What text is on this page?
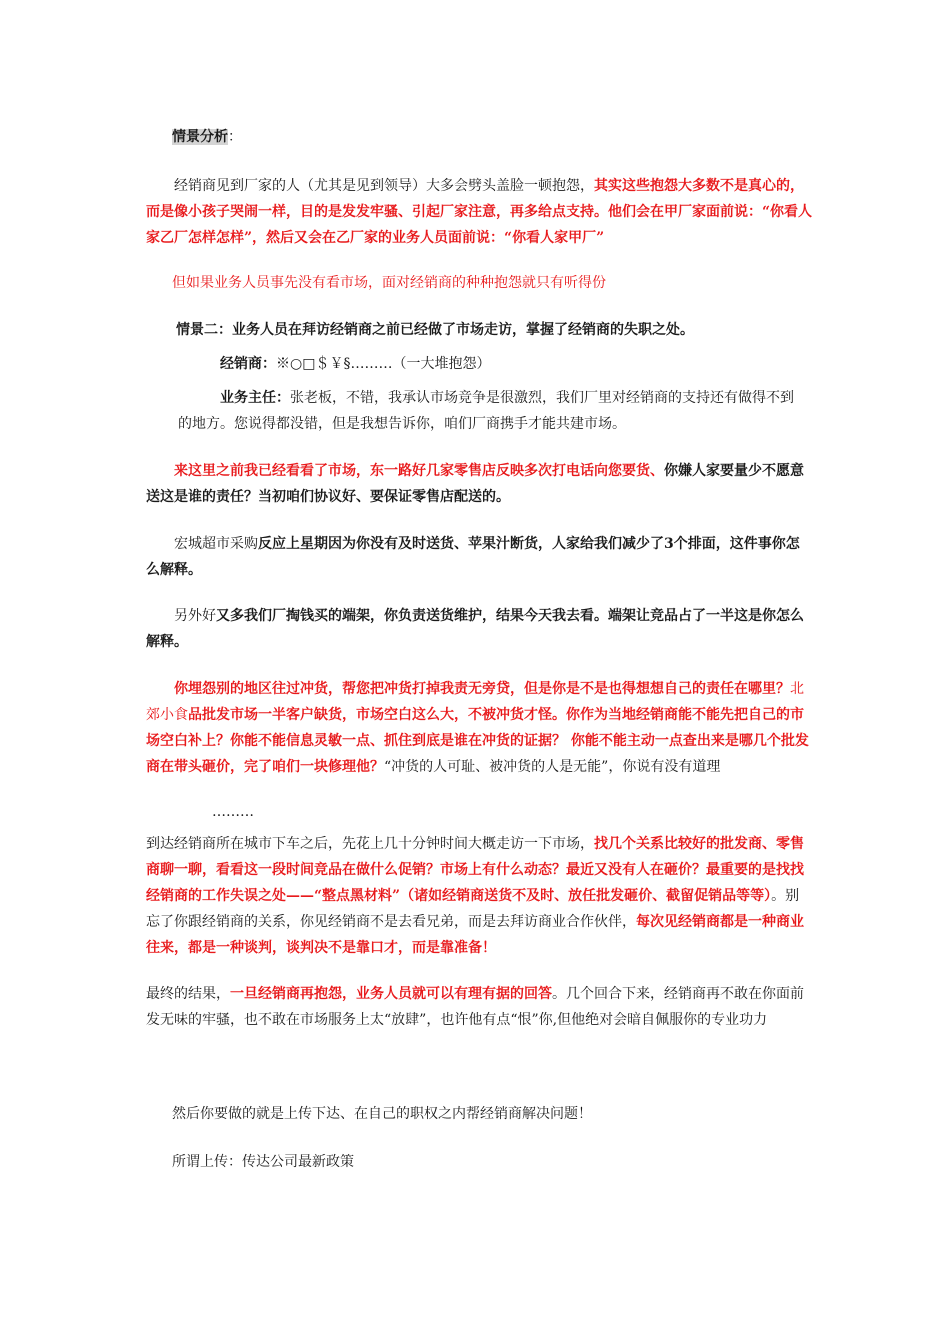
情景分析：

经销商见到厂家的人（尤其是见到领导）大多会劈头盖脸一顿抱怨，其实这些抱怨大多数不是真心的，而是像小孩子哭闹一样，目的是发发牢骚、引起厂家注意，再多给点支持。他们会在甲厂家面前说：“你看人家乙厂怎样怎样”，然后又会在乙厂家的业务人员面前说：“你看人家甲厂”

但如果业务人员事先没有看市场，面对经销商的种种抱怨就只有听得份

情景二：业务人员在拜访经销商之前已经做了市场走访，掌握了经销商的失职之处。

经销商：※○□＄￥§………（一大堆抱怨）

业务主任：张老板，不错，我承认市场竞争是很激烈，我们厂里对经销商的支持还有做得不到的地方。您说得都没错，但是我想告诉你，咱们厂商携手才能共建市场。

来这里之前我已经看看了市场，东一路好几家零售店反映多次打电话向您要货、你嫌人家要量少不愿意送这是谁的责任？当初咱们协议好、要保证零售店配送的。

宏城超市采购反应上星期因为你没有及时送货、苹果汁断货，人家给我们减少了3个排面，这件事你怎么解释。

另外好又多我们厂掏钱买的端架，你负责送货维护，结果今天我去看。端架让竞品占了一半这是你怎么解释。

你埋怨别的地区往过冲货，帮您把冲货打掉我责无旁贷，但是你是不是也得想想自己的责任在哪里？北郊小食品批发市场一半客户缺货，市场空白这么大，不被冲货才怪。你作为当地经销商能不能先把自己的市场空白补上？你能不能信息灵敏一点、抓住到底是谁在冲货的证据？ 你能不能主动一点查出来是哪几个批发商在带头砸价，完了咱们一块修理他？“冲货的人可耻、被冲货的人是无能”，你说有没有道理

………

到达经销商所在城市下车之后，先花上几十分钟时间大概走访一下市场，找几个关系比较好的批发商、零售商聊一聊，看看这一段时间竞品在做什么促销？市场上有什么动态？最近又没有人在砸价？最重要的是找找经销商的工作失误之处——“整点黑材料”（诸如经销商送货不及时、放任批发砸价、截留促销品等等）。别忘了你跟经销商的关系，你见经销商不是去看兄弟，而是去拜访商业合作伙伴，每次见经销商都是一种商业往来，都是一种谈判，谈判决不是靠口才，而是靠准备！

最终的结果，一旦经销商再抱怨，业务人员就可以有理有据的回答。几个回合下来，经销商再不敢在你面前发无味的牢骚，也不敢在市场服务上太“放肆”，也许他有点“恨”你,但他绝对会暗自佩服你的专业功力

然后你要做的就是上传下达、在自己的职权之内帮经销商解决问题！

所谓上传：传达公司最新政策
